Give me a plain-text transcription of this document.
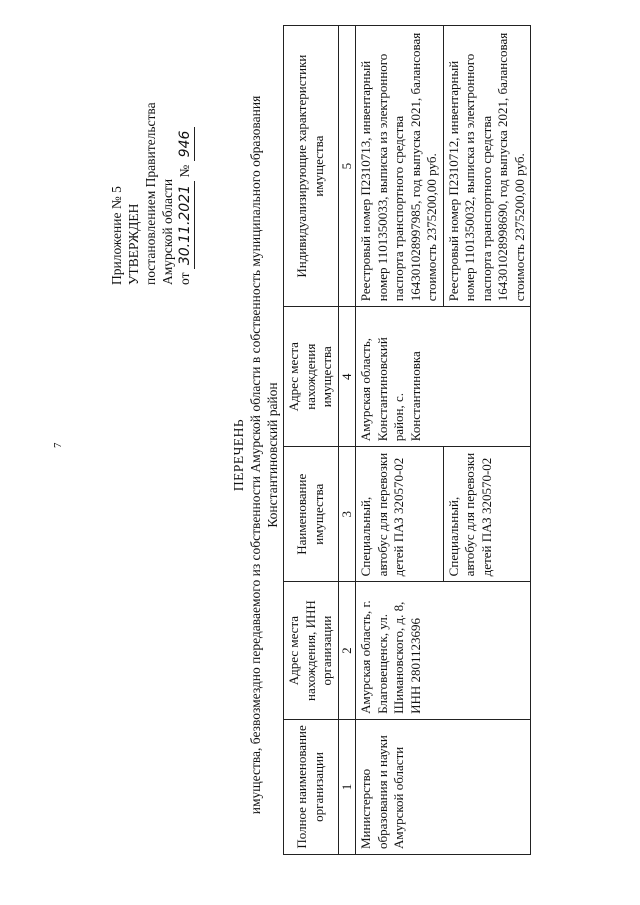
7
Приложение № 5 УТВЕРЖДЕН постановлением Правительства Амурской области от 30.11.2021 № 946
ПЕРЕЧЕНЬ имущества, безвозмездно передаваемого из собственности Амурской области в собственность муниципального образования Константиновский район
Полное наименование организации	Адрес места нахождения, ИНН организации	Наименование имущества	Адрес места нахождения имущества	Индивидуализирующие характеристики имущества
1	2	3	4	5
Министерство образования и науки Амурской области	Амурская область, г. Благовещенск, ул. Шимановского, д. 8, ИНН 2801123696	Специальный, автобус для перевозки детей ПАЗ 320570-02	Амурская область, Константиновский район, с. Константиновка	Реестровый номер П2310713, инвентарный номер 1101350033, выписка из электронного паспорта транспортного средства 164301028997985, год выпуска 2021, балансовая стоимость 2375200,00 руб.
		Специальный, автобус для перевозки детей ПАЗ 320570-02		Реестровый номер П2310712, инвентарный номер 1101350032, выписка из электронного паспорта транспортного средства 164301028998690, год выпуска 2021, балансовая стоимость 2375200,00 руб.
